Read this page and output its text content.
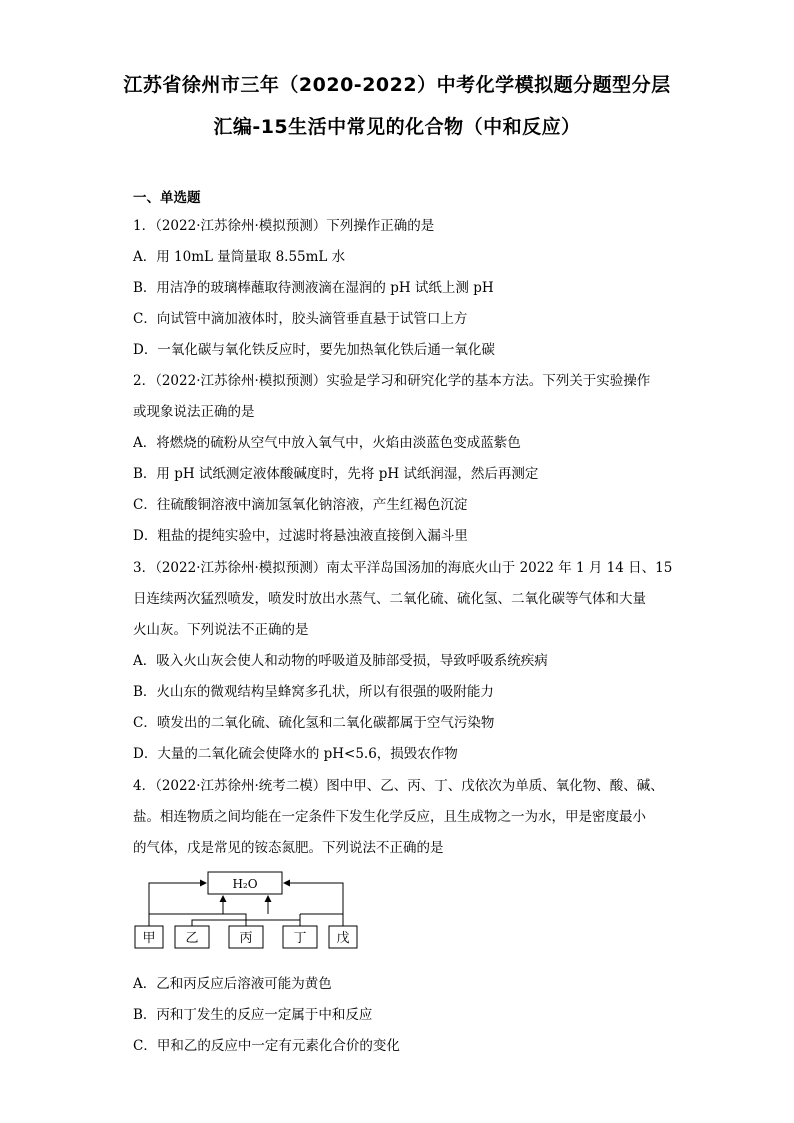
江苏省徐州市三年（2020-2022）中考化学模拟题分题型分层
汇编-15生活中常见的化合物（中和反应）
一、单选题
1．（2022·江苏徐州·模拟预测）下列操作正确的是
A．用 10mL 量筒量取 8.55mL 水
B．用洁净的玻璃棒蘸取待测液滴在湿润的 pH 试纸上测 pH
C．向试管中滴加液体时，胶头滴管垂直悬于试管口上方
D．一氧化碳与氧化铁反应时，要先加热氧化铁后通一氧化碳
2．（2022·江苏徐州·模拟预测）实验是学习和研究化学的基本方法。下列关于实验操作
或现象说法正确的是
A．将燃烧的硫粉从空气中放入氧气中，火焰由淡蓝色变成蓝紫色
B．用 pH 试纸测定液体酸碱度时，先将 pH 试纸润湿，然后再测定
C．往硫酸铜溶液中滴加氢氧化钠溶液，产生红褐色沉淀
D．粗盐的提纯实验中，过滤时将悬浊液直接倒入漏斗里
3．（2022·江苏徐州·模拟预测）南太平洋岛国汤加的海底火山于 2022 年 1 月 14 日、15
日连续两次猛烈喷发，喷发时放出水蒸气、二氧化硫、硫化氢、二氧化碳等气体和大量
火山灰。下列说法不正确的是
A．吸入火山灰会使人和动物的呼吸道及肺部受损，导致呼吸系统疾病
B．火山东的微观结构呈蜂窝多孔状，所以有很强的吸附能力
C．喷发出的二氧化硫、硫化氢和二氧化碳都属于空气污染物
D．大量的二氧化硫会使降水的 pH<5.6，损毁农作物
4．（2022·江苏徐州·统考二模）图中甲、乙、丙、丁、戊依次为单质、氧化物、酸、碱、
盐。相连物质之间均能在一定条件下发生化学反应，且生成物之一为水，甲是密度最小
的气体，戊是常见的铵态氮肥。下列说法不正确的是
H₂O
甲 乙	丙	丁 戊
A．乙和丙反应后溶液可能为黄色
B．丙和丁发生的反应一定属于中和反应
C．甲和乙的反应中一定有元素化合价的变化
